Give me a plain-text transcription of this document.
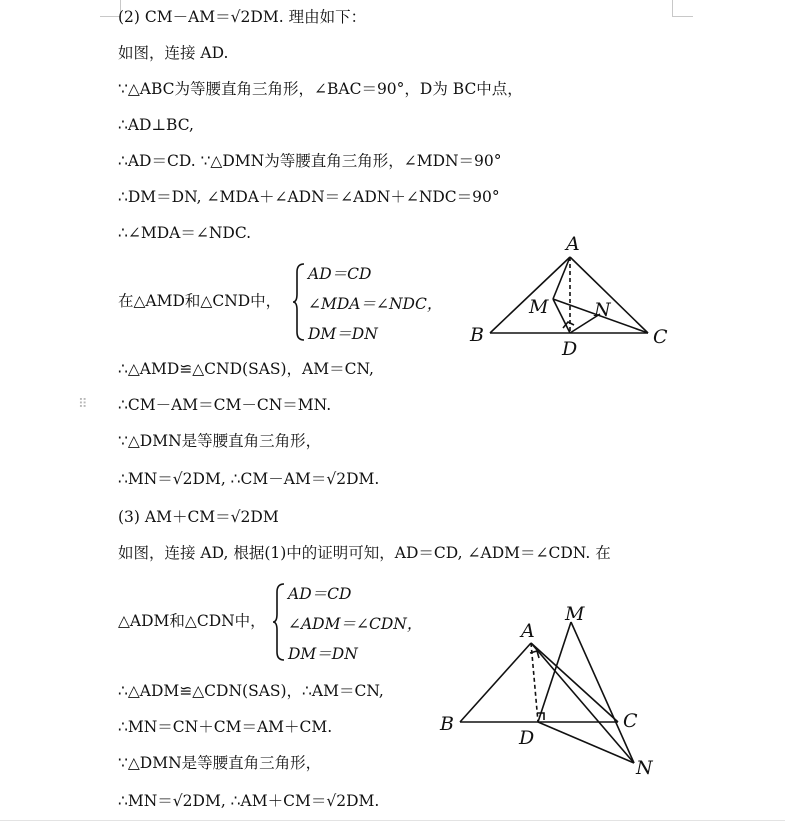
⠿

(2) CM－AM＝√2DM. 理由如下：
如图，连接 AD.
∵△ABC为等腰直角三角形，∠BAC＝90°，D为 BC中点，
∴AD⊥BC,
∴AD＝CD. ∵△DMN为等腰直角三角形，∠MDN＝90°
∴DM＝DN, ∠MDA＋∠ADN＝∠ADN＋∠NDC＝90°
∴∠MDA＝∠NDC.
在△AMD和△CND中，
AD＝CD
∠MDA＝∠NDC，
DM＝DN
∴△AMD≌△CND(SAS)，AM＝CN,
∴CM－AM＝CM－CN＝MN.
∵△DMN是等腰直角三角形，
∴MN＝√2DM, ∴CM－AM＝√2DM.
(3) AM＋CM＝√2DM
如图，连接 AD, 根据(1)中的证明可知，AD＝CD, ∠ADM＝∠CDN. 在
△ADM和△CDN中，
AD＝CD
∠ADM＝∠CDN，
DM＝DN
∴△ADM≌△CDN(SAS)，∴AM＝CN,
∴MN＝CN＋CM＝AM＋CM.
∵△DMN是等腰直角三角形，
∴MN＝√2DM, ∴AM＋CM＝√2DM.
A
B	C
D
M N
A
B	C
D
M
N
